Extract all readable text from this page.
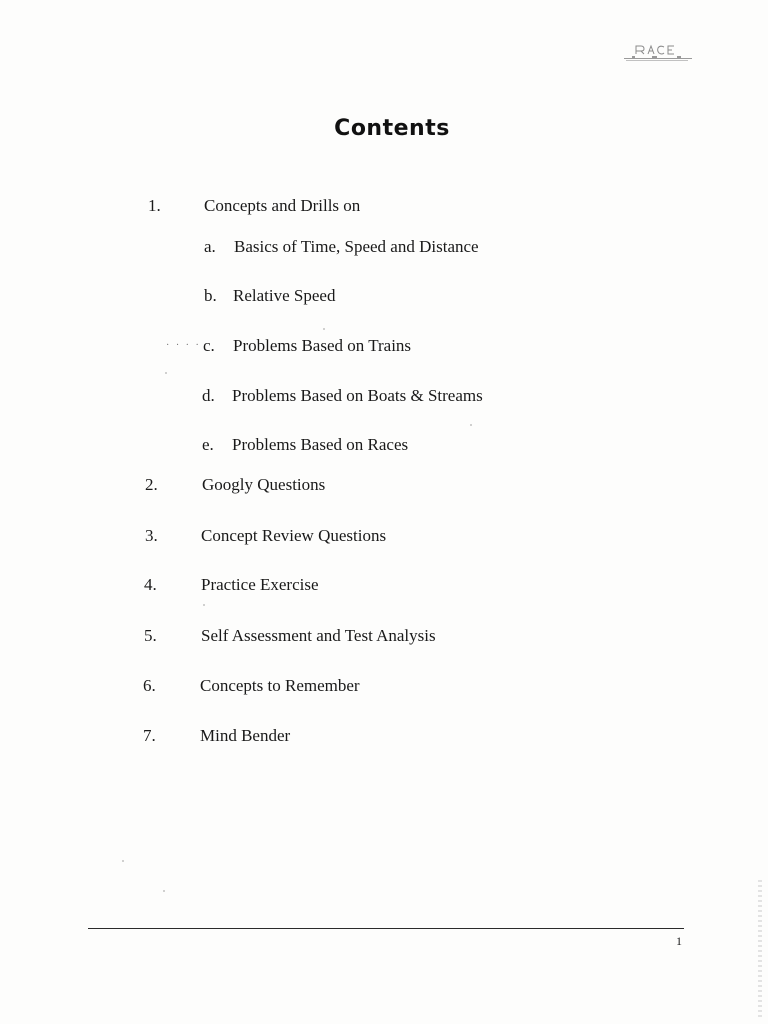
Contents
1.	Concepts and Drills on
a. Basics of Time, Speed and Distance
b. Relative Speed
· · · · c. Problems Based on Trains
d. Problems Based on Boats & Streams
e. Problems Based on Races
2.	Googly Questions
3.	Concept Review Questions
4.	Practice Exercise
5.	Self Assessment and Test Analysis
6.	Concepts to Remember
7.	Mind Bender
1
